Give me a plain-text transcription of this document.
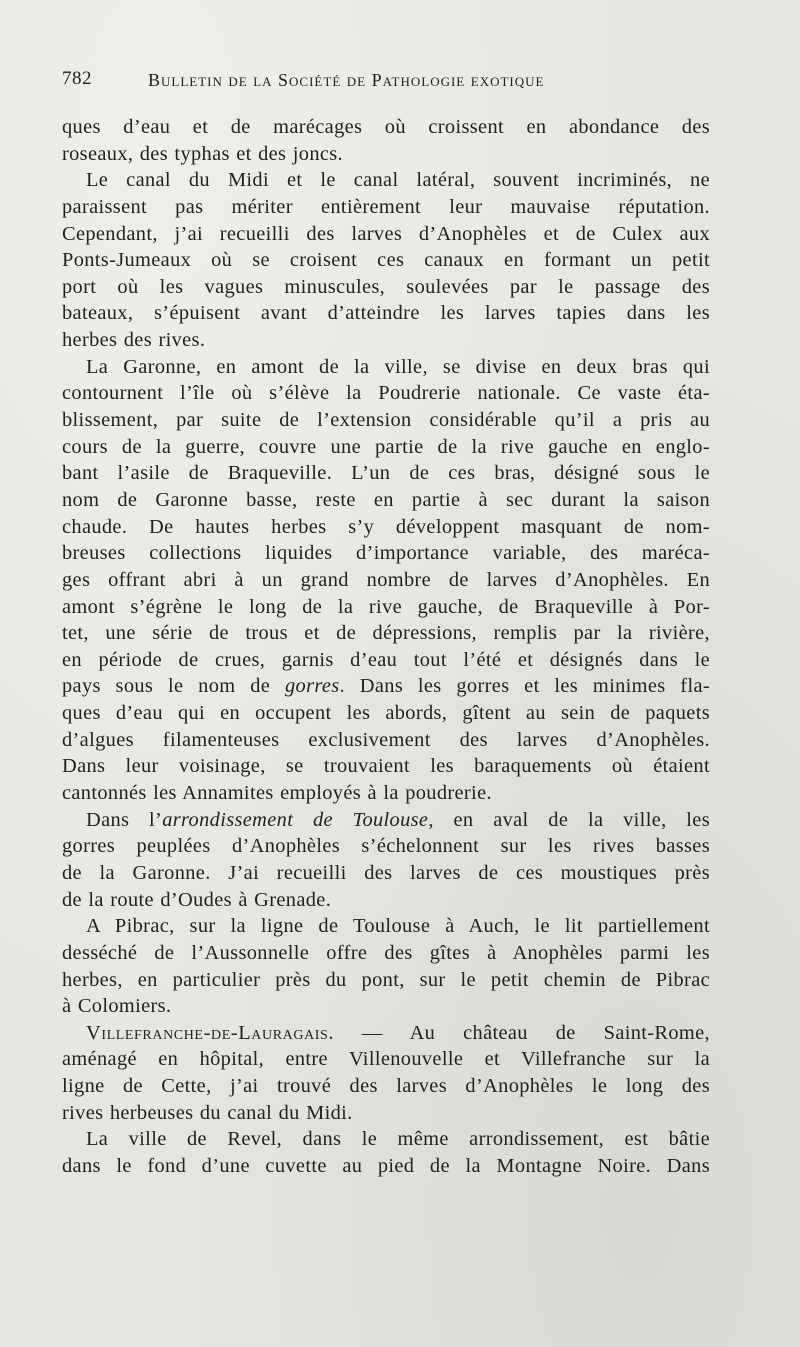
782	Bulletin de la Société de Pathologie exotique
ques d’eau et de marécages où croissent en abondance des
roseaux, des typhas et des joncs.
Le canal du Midi et le canal latéral, souvent incriminés, ne
paraissent pas mériter entièrement leur mauvaise réputation.
Cependant, j’ai recueilli des larves d’Anophèles et de Culex aux
Ponts-Jumeaux où se croisent ces canaux en formant un petit
port où les vagues minuscules, soulevées par le passage des
bateaux, s’épuisent avant d’atteindre les larves tapies dans les
herbes des rives.
La Garonne, en amont de la ville, se divise en deux bras qui
contournent l’île où s’élève la Poudrerie nationale. Ce vaste éta-
blissement, par suite de l’extension considérable qu’il a pris au
cours de la guerre, couvre une partie de la rive gauche en englo-
bant l’asile de Braqueville. L’un de ces bras, désigné sous le
nom de Garonne basse, reste en partie à sec durant la saison
chaude. De hautes herbes s’y développent masquant de nom-
breuses collections liquides d’importance variable, des maréca-
ges offrant abri à un grand nombre de larves d’Anophèles. En
amont s’égrène le long de la rive gauche, de Braqueville à Por-
tet, une série de trous et de dépressions, remplis par la rivière,
en période de crues, garnis d’eau tout l’été et désignés dans le
pays sous le nom de gorres. Dans les gorres et les minimes fla-
ques d’eau qui en occupent les abords, gîtent au sein de paquets
d’algues filamenteuses exclusivement des larves d’Anophèles.
Dans leur voisinage, se trouvaient les baraquements où étaient
cantonnés les Annamites employés à la poudrerie.
Dans l’arrondissement de Toulouse, en aval de la ville, les
gorres peuplées d’Anophèles s’échelonnent sur les rives basses
de la Garonne. J’ai recueilli des larves de ces moustiques près
de la route d’Oudes à Grenade.
A Pibrac, sur la ligne de Toulouse à Auch, le lit partiellement
desséché de l’Aussonnelle offre des gîtes à Anophèles parmi les
herbes, en particulier près du pont, sur le petit chemin de Pibrac
à Colomiers.
Villefranche-de-Lauragais. — Au château de Saint-Rome,
aménagé en hôpital, entre Villenouvelle et Villefranche sur la
ligne de Cette, j’ai trouvé des larves d’Anophèles le long des
rives herbeuses du canal du Midi.
La ville de Revel, dans le même arrondissement, est bâtie
dans le fond d’une cuvette au pied de la Montagne Noire. Dans
